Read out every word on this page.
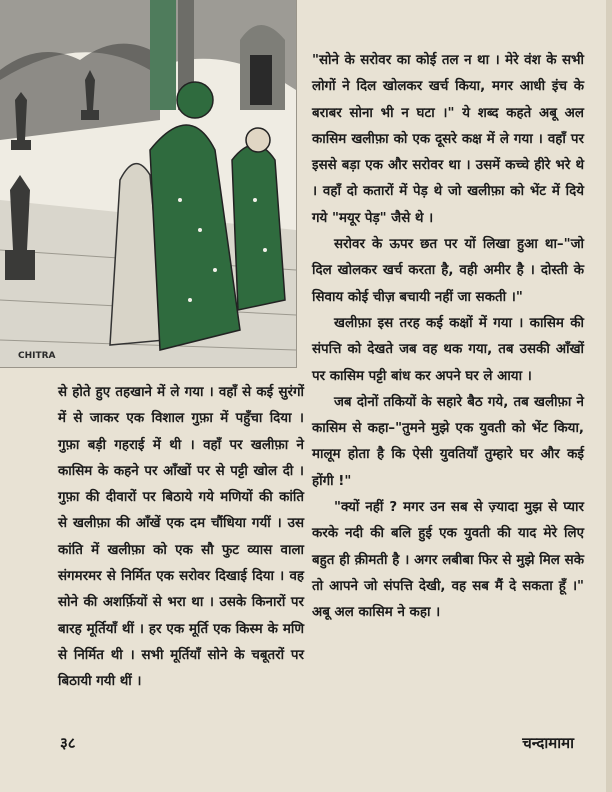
CHITRA

"सोने के सरोवर का कोई तल न था । मेरे वंश के सभी लोगों ने दिल खोलकर खर्च किया, मगर आधी इंच के बराबर सोना भी न घटा ।" ये शब्द कहते अबू अल कासिम खलीफ़ा को एक दूसरे कक्ष में ले गया । वहाँ पर इससे बड़ा एक और सरोवर था । उसमें कच्चे हीरे भरे थे । वहाँ दो कतारों में पेड़ थे जो खलीफ़ा को भेंट में दिये गये "मयूर पेड़" जैसे थे ।

सरोवर के ऊपर छत पर यों लिखा हुआ था–"जो दिल खोलकर खर्च करता है, वही अमीर है । दोस्ती के सिवाय कोई चीज़ बचायी नहीं जा सकती ।"

खलीफ़ा इस तरह कई कक्षों में गया । कासिम की संपत्ति को देखते जब वह थक गया, तब उसकी आँखों पर कासिम पट्टी बांध कर अपने घर ले आया ।

जब दोनों तकियों के सहारे बैठ गये, तब खलीफ़ा ने कासिम से कहा–"तुमने मुझे एक युवती को भेंट किया, मालूम होता है कि ऐसी युवतियाँ तुम्हारे घर और कई होंगी !"

"क्यों नहीं ? मगर उन सब से ज़्यादा मुझ से प्यार करके नदी की बलि हुई एक युवती की याद मेरे लिए बहुत ही क़ीमती है । अगर लबीबा फिर से मुझे मिल सके तो आपने जो संपत्ति देखी, वह सब मैं दे सकता हूँ ।" अबू अल कासिम ने कहा ।

से होते हुए तहखाने में ले गया । वहाँ से कई सुरंगों में से जाकर एक विशाल गुफ़ा में पहुँचा दिया । गुफ़ा बड़ी गहराई में थी । वहाँ पर खलीफ़ा ने कासिम के कहने पर आँखों पर से पट्टी खोल दी । गुफ़ा की दीवारों पर बिठाये गये मणियों की कांति से खलीफ़ा की आँखें एक दम चौंधिया गयीं । उस कांति में खलीफ़ा को एक सौ फुट व्यास वाला संगमरमर से निर्मित एक सरोवर दिखाई दिया । वह सोने की अशर्फ़ियों से भरा था । उसके किनारों पर बारह मूर्तियाँ थीं । हर एक मूर्ति एक किस्म के मणि से निर्मित थी । सभी मूर्तियाँ सोने के चबूतरों पर बिठायी गयी थीं ।

३८	चन्दामामा
